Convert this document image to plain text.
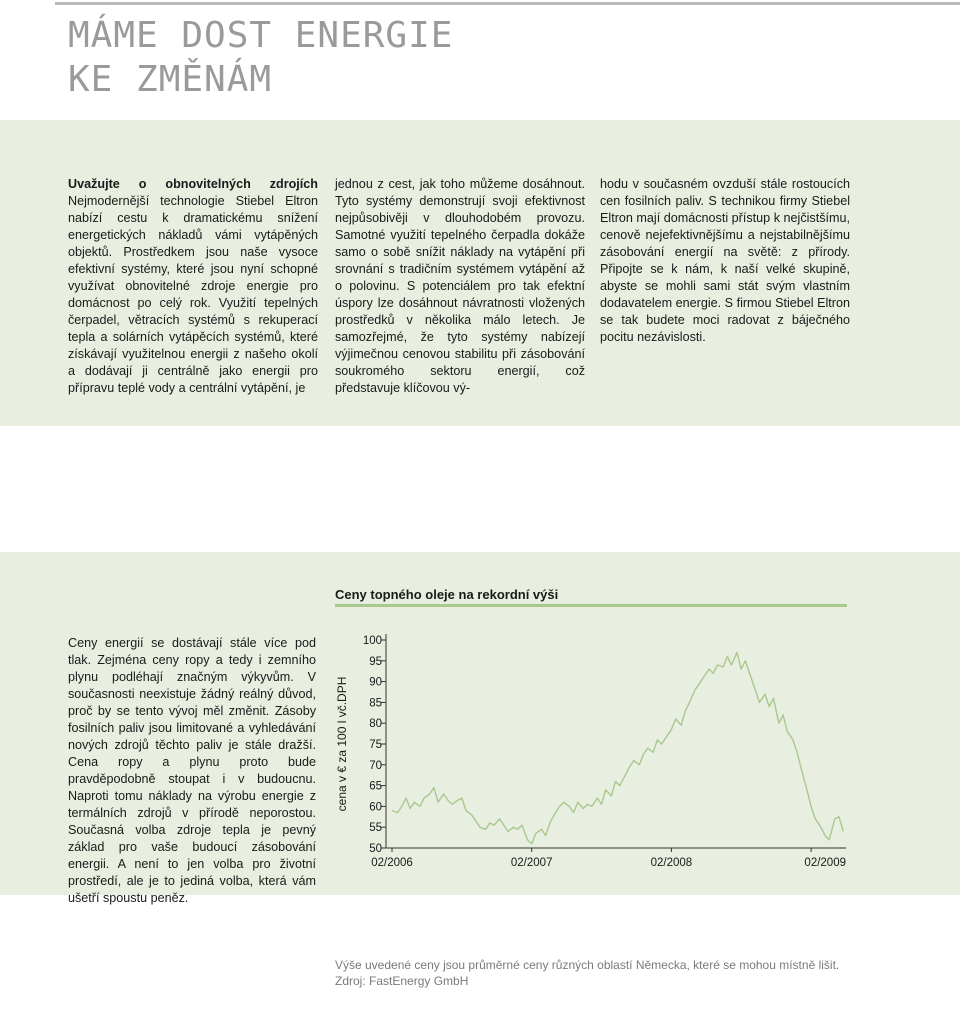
MÁME DOST ENERGIE
KE ZMĚNÁM

Uvažujte o obnovitelných zdrojích Nejmodernější technologie Stiebel Eltron nabízí cestu k dramatickému snížení energetických nákladů vámi vytápěných objektů. Prostředkem jsou naše vysoce efektivní systémy, které jsou nyní schopné využívat obnovitelné zdroje energie pro domácnost po celý rok. Využití tepelných čerpadel, větracích systémů s rekuperací tepla a solárních vytápěcích systémů, které získávají využitelnou energii z našeho okolí a dodávají ji centrálně jako energii pro přípravu teplé vody a centrální vytápění, je

jednou z cest, jak toho můžeme dosáhnout. Tyto systémy demonstrují svoji efektivnost nejpůsobivěji v dlouhodobém provozu. Samotné využití tepelného čerpadla dokáže samo o sobě snížit náklady na vytápění při srovnání s tradičním systémem vytápění až o polovinu. S potenciálem pro tak efektní úspory lze dosáhnout návratnosti vložených prostředků v několika málo letech. Je samozřejmé, že tyto systémy nabízejí výjimečnou cenovou stabilitu při zásobování soukromého sektoru energií, což představuje klíčovou vý-

hodu v současném ovzduší stále rostoucích cen fosilních paliv. S technikou firmy Stiebel Eltron mají domácnosti přístup k nejčistšímu, cenově nejefektivnějšímu a nejstabilnějšímu zásobování energií na světě: z přírody. Připojte se k nám, k naší velké skupině, abyste se mohli sami stát svým vlastním dodavatelem energie. S firmou Stiebel Eltron se tak budete moci radovat z báječného pocitu nezávislosti.

Ceny energií se dostávají stále více pod tlak. Zejména ceny ropy a tedy i zemního plynu podléhají značným výkyvům. V současnosti neexistuje žádný reálný důvod, proč by se tento vývoj měl změnit. Zásoby fosilních paliv jsou limitované a vyhledávání nových zdrojů těchto paliv je stále dražší. Cena ropy a plynu proto bude pravděpodobně stoupat i v budoucnu. Naproti tomu náklady na výrobu energie z termálních zdrojů v přírodě neporostou. Současná volba zdroje tepla je pevný základ pro vaše budoucí zásobování energii. A není to jen volba pro životní prostředí, ale je to jediná volba, která vám ušetří spoustu peněz.

Ceny topného oleje na rekordní výši
100
95
90
85
80
75
70
65
60
55
50
02/2006	02/2007	02/2008	02/2009
cena v € za 100 l vč.DPH
Výše uvedené ceny jsou průměrné ceny různých oblastí Německa, které se mohou místně lišit.
Zdroj: FastEnergy GmbH
